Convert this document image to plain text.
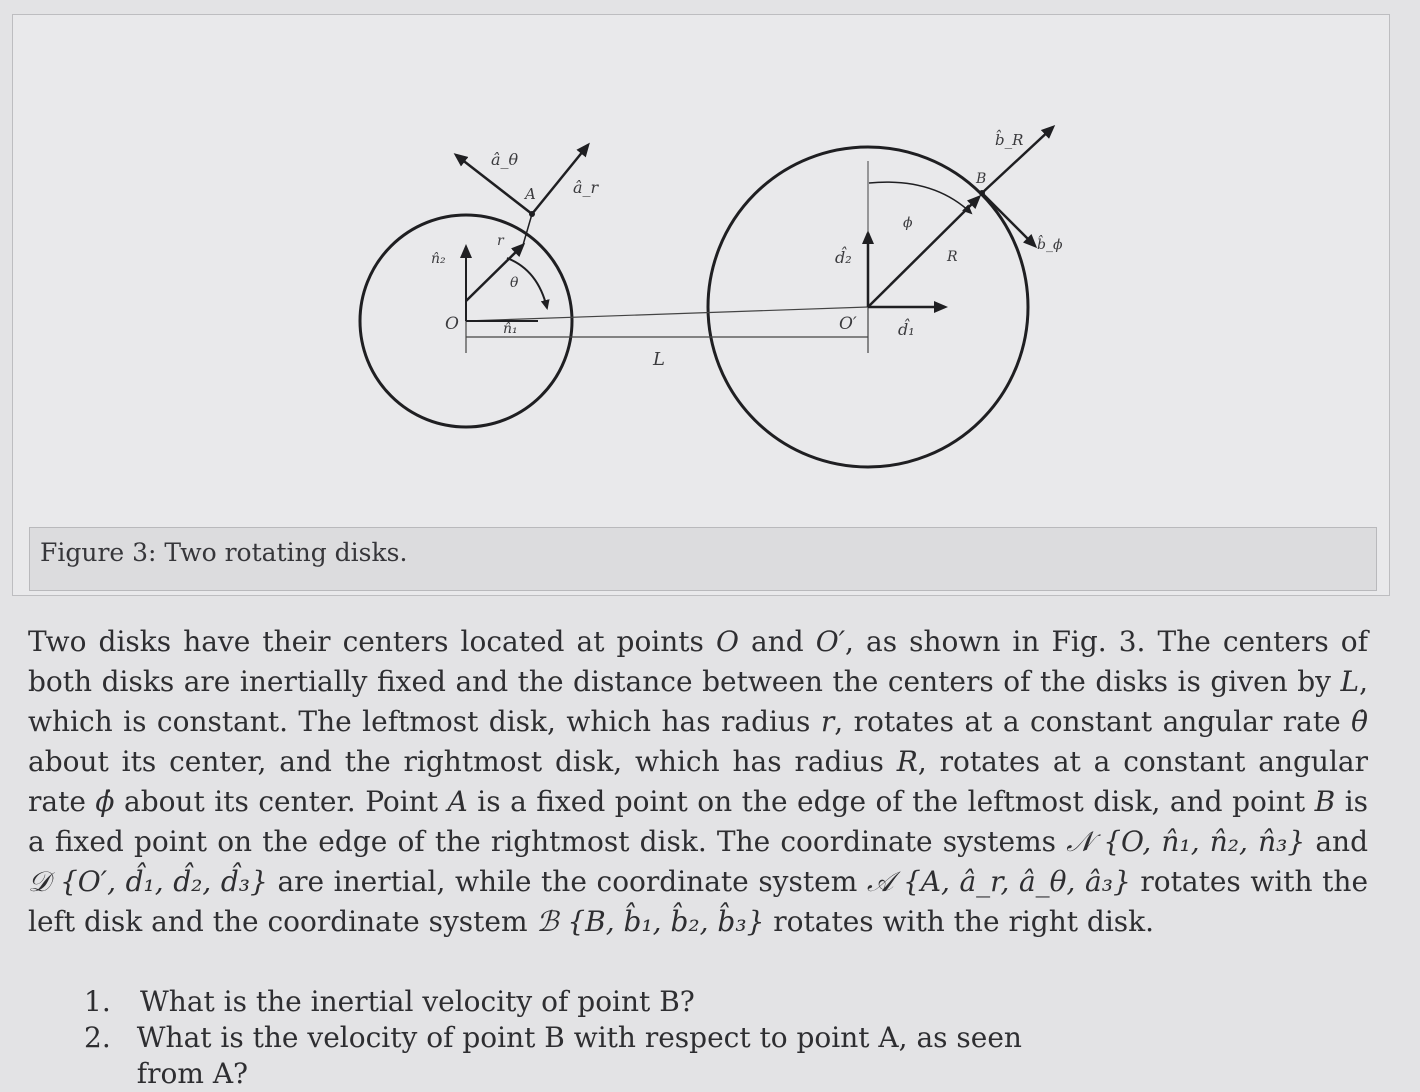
â_θ
â_r
A
r
θ
n̂₂
n̂₁
O
L
d̂₂
d̂₁
O′
ϕ
R
B
b̂_R
b̂_ϕ
Figure 3: Two rotating disks.
Two disks have their centers located at points O and O′, as shown in Fig. 3. The centers of both disks are inertially fixed and the distance between the centers of the disks is given by L, which is constant. The leftmost disk, which has radius r, rotates at a constant angular rate θ̇ about its center, and the rightmost disk, which has radius R, rotates at a constant angular rate ϕ̇ about its center. Point A is a fixed point on the edge of the leftmost disk, and point B is a fixed point on the edge of the rightmost disk. The coordinate systems 𝒩 {O, n̂₁, n̂₂, n̂₃} and 𝒟 {O′, d̂₁, d̂₂, d̂₃} are inertial, while the coordinate system 𝒜 {A, â_r, â_θ, â₃} rotates with the left disk and the coordinate system ℬ {B, b̂₁, b̂₂, b̂₃} rotates with the right disk.
1.	What is the inertial velocity of point B?
2. What is the velocity of point B with respect to point A, as seen from A?
